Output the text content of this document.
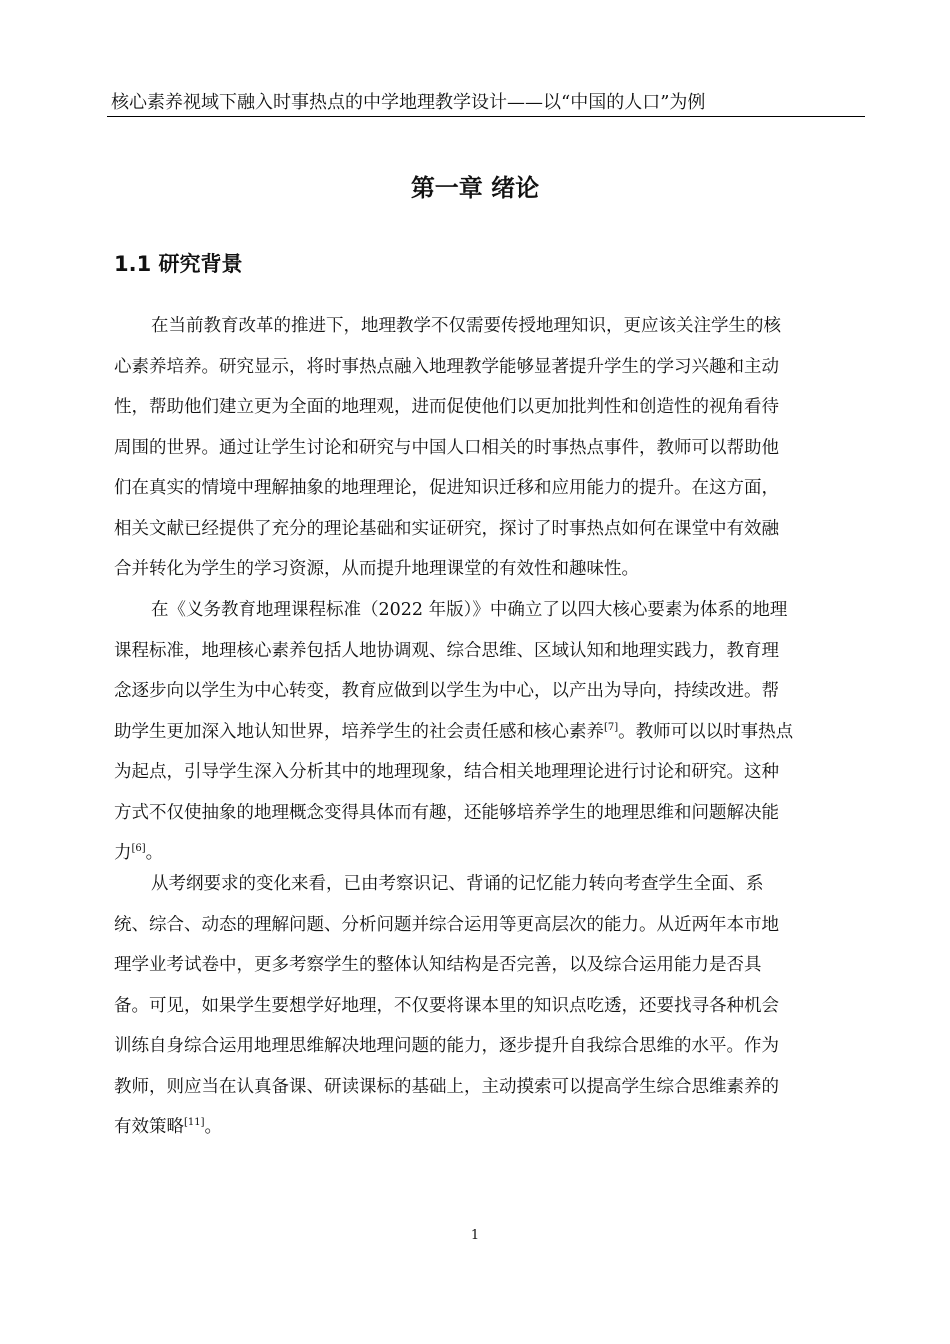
核心素养视域下融入时事热点的中学地理教学设计——以“中国的人口”为例
第一章 绪论
1.1 研究背景
在当前教育改革的推进下，地理教学不仅需要传授地理知识，更应该关注学生的核
心素养培养。研究显示，将时事热点融入地理教学能够显著提升学生的学习兴趣和主动
性，帮助他们建立更为全面的地理观，进而促使他们以更加批判性和创造性的视角看待
周围的世界。通过让学生讨论和研究与中国人口相关的时事热点事件，教师可以帮助他
们在真实的情境中理解抽象的地理理论，促进知识迁移和应用能力的提升。在这方面，
相关文献已经提供了充分的理论基础和实证研究，探讨了时事热点如何在课堂中有效融
合并转化为学生的学习资源，从而提升地理课堂的有效性和趣味性。
在《义务教育地理课程标准（2022 年版）》中确立了以四大核心要素为体系的地理
课程标准，地理核心素养包括人地协调观、综合思维、区域认知和地理实践力，教育理
念逐步向以学生为中心转变，教育应做到以学生为中心，以产出为导向，持续改进。帮
助学生更加深入地认知世界，培养学生的社会责任感和核心素养[7]。教师可以以时事热点
为起点，引导学生深入分析其中的地理现象，结合相关地理理论进行讨论和研究。这种
方式不仅使抽象的地理概念变得具体而有趣，还能够培养学生的地理思维和问题解决能
力[6]。
从考纲要求的变化来看，已由考察识记、背诵的记忆能力转向考查学生全面、系
统、综合、动态的理解问题、分析问题并综合运用等更高层次的能力。从近两年本市地
理学业考试卷中，更多考察学生的整体认知结构是否完善，以及综合运用能力是否具
备。可见，如果学生要想学好地理，不仅要将课本里的知识点吃透，还要找寻各种机会
训练自身综合运用地理思维解决地理问题的能力，逐步提升自我综合思维的水平。作为
教师，则应当在认真备课、研读课标的基础上，主动摸索可以提高学生综合思维素养的
有效策略[11]。
1
